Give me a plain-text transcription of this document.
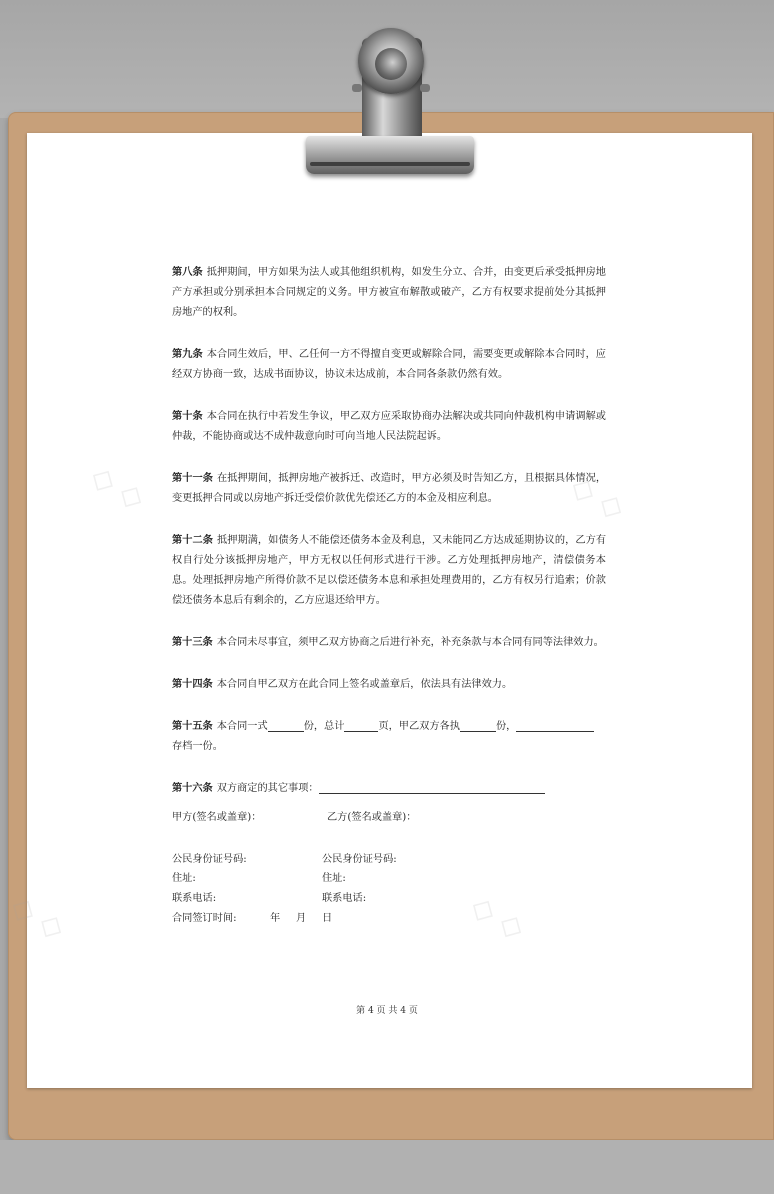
第八条 抵押期间，甲方如果为法人或其他组织机构，如发生分立、合并，由变更后承受抵押房地产方承担或分别承担本合同规定的义务。甲方被宣布解散或破产，乙方有权要求提前处分其抵押房地产的权利。

第九条 本合同生效后，甲、乙任何一方不得擅自变更或解除合同，需要变更或解除本合同时，应经双方协商一致，达成书面协议，协议未达成前，本合同各条款仍然有效。

第十条 本合同在执行中若发生争议，甲乙双方应采取协商办法解决或共同向仲裁机构申请调解或仲裁，不能协商或达不成仲裁意向时可向当地人民法院起诉。

第十一条 在抵押期间，抵押房地产被拆迁、改造时，甲方必须及时告知乙方，且根据具体情况，变更抵押合同或以房地产拆迁受偿价款优先偿还乙方的本金及相应利息。

第十二条 抵押期满，如债务人不能偿还债务本金及利息，又未能同乙方达成延期协议的，乙方有权自行处分该抵押房地产，甲方无权以任何形式进行干涉。乙方处理抵押房地产，清偿债务本息。处理抵押房地产所得价款不足以偿还债务本息和承担处理费用的，乙方有权另行追索；价款偿还债务本息后有剩余的，乙方应退还给甲方。

第十三条 本合同未尽事宜，须甲乙双方协商之后进行补充，补充条款与本合同有同等法律效力。

第十四条 本合同自甲乙双方在此合同上签名或盖章后，依法具有法律效力。

第十五条 本合同一式	份，总计	页，甲乙双方各执	份，
存档一份。

第十六条 双方商定的其它事项：

甲方(签名或盖章)：	乙方(签名或盖章)：
公民身份证号码:	公民身份证号码:
住址:	住址:
联系电话:	联系电话:
合同签订时间:	年 月 日
第 4 页 共 4 页
◇ ◇	◇ ◇
◇ ◇	◇ ◇
